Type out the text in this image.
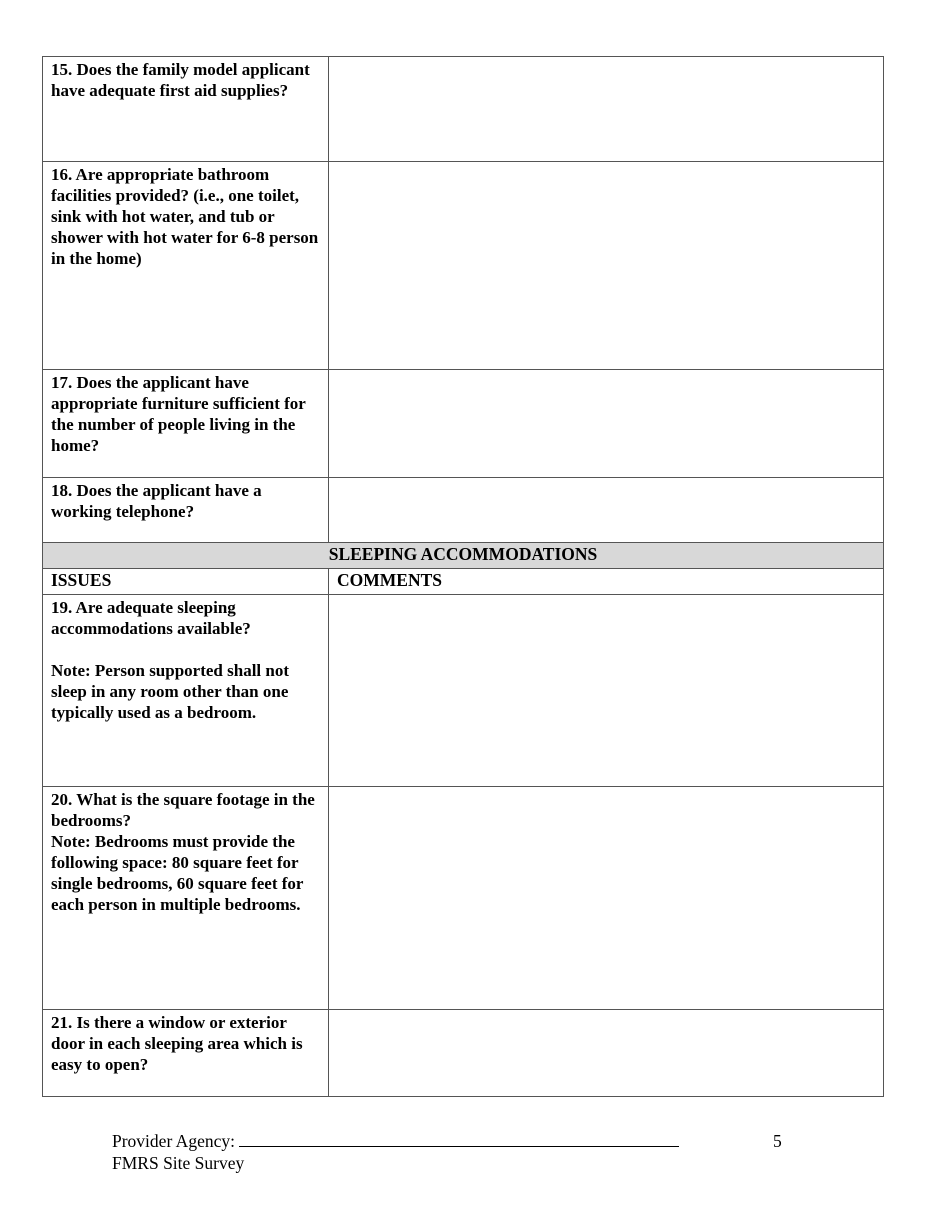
15. Does the family model applicant have adequate first aid supplies?	

16. Are appropriate bathroom facilities provided? (i.e., one toilet, sink with hot water, and tub or shower with hot water for 6-8 person in the home)	

17. Does the applicant have appropriate furniture sufficient for the number of people living in the home?	

18. Does the applicant have a working telephone?	

SLEEPING ACCOMMODATIONS	
ISSUES	COMMENTS

19. Are adequate sleeping accommodations available?
Note: Person supported shall not sleep in any room other than one typically used as a bedroom.	

20. What is the square footage in the bedrooms?
Note: Bedrooms must provide the following space: 80 square feet for single bedrooms, 60 square feet for each person in multiple bedrooms.	

21. Is there a window or exterior door in each sleeping area which is easy to open?	

Provider Agency:
FMRS Site Survey
5
